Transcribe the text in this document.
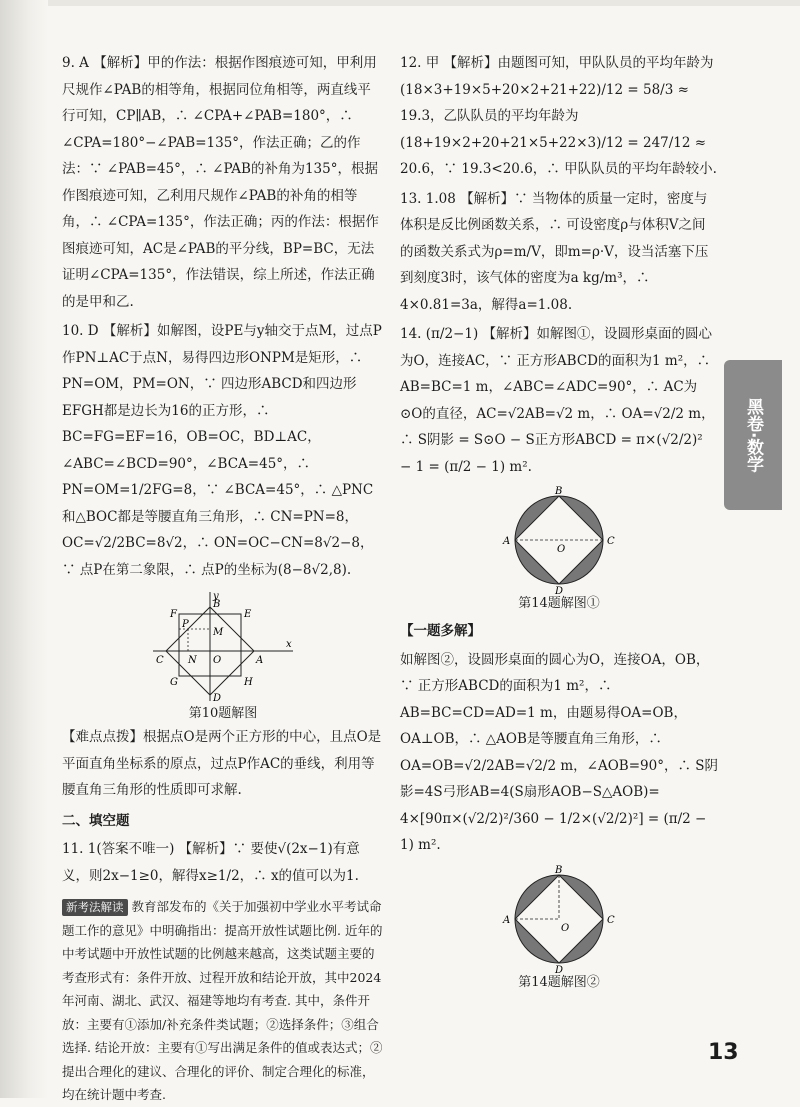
9. A 【解析】甲的作法：根据作图痕迹可知，甲利用尺规作∠PAB的相等角，根据同位角相等，两直线平行可知，CP∥AB，∴ ∠CPA+∠PAB=180°，∴ ∠CPA=180°−∠PAB=135°，作法正确；乙的作法：∵ ∠PAB=45°，∴ ∠PAB的补角为135°，根据作图痕迹可知，乙利用尺规作∠PAB的补角的相等角，∴ ∠CPA=135°，作法正确；丙的作法：根据作图痕迹可知，AC是∠PAB的平分线，BP=BC，无法证明∠CPA=135°，作法错误，综上所述，作法正确的是甲和乙.

10. D 【解析】如解图，设PE与y轴交于点M，过点P作PN⊥AC于点N，易得四边形ONPM是矩形，∴ PN=OM，PM=ON，∵ 四边形ABCD和四边形EFGH都是边长为16的正方形，∴ BC=FG=EF=16，OB=OC，BD⊥AC，∠ABC=∠BCD=90°，∠BCA=45°，∴ PN=OM=1/2FG=8，∵ ∠BCA=45°，∴ △PNC和△BOC都是等腰直角三角形，∴ CN=PN=8，OC=√2/2BC=8√2，∴ ON=OC−CN=8√2−8，∵ 点P在第二象限，∴ 点P的坐标为(8−8√2,8).

y
F
P
B
E
M
C N O	A
x
G
D
H

第10题解图

【难点点拨】根据点O是两个正方形的中心，且点O是平面直角坐标系的原点，过点P作AC的垂线，利用等腰直角三角形的性质即可求解.

二、填空题

11. 1(答案不唯一) 【解析】∵ 要使√(2x−1)有意义，则2x−1≥0，解得x≥1/2，∴ x的值可以为1.

新考法解读 教育部发布的《关于加强初中学业水平考试命题工作的意见》中明确指出：提高开放性试题比例. 近年的中考试题中开放性试题的比例越来越高，这类试题主要的考查形式有：条件开放、过程开放和结论开放，其中2024年河南、湖北、武汉、福建等地均有考查. 其中，条件开放：主要有①添加/补充条件类试题；②选择条件；③组合选择. 结论开放：主要有①写出满足条件的值或表达式；②提出合理化的建议、合理化的评价、制定合理化的标准，均在统计题中考查.

12. 甲 【解析】由题图可知，甲队队员的平均年龄为 (18×3+19×5+20×2+21+22)/12 = 58/3 ≈ 19.3，乙队队员的平均年龄为 (18+19×2+20+21×5+22×3)/12 = 247/12 ≈ 20.6，∵ 19.3<20.6，∴ 甲队队员的平均年龄较小.

13. 1.08 【解析】∵ 当物体的质量一定时，密度与体积是反比例函数关系，∴ 可设密度ρ与体积V之间的函数关系式为ρ=m/V，即m=ρ·V，设当活塞下压到刻度3时，该气体的密度为a kg/m³，∴ 4×0.81=3a，解得a=1.08.

14. (π/2−1) 【解析】如解图①，设圆形桌面的圆心为O，连接AC，∵ 正方形ABCD的面积为1 m²，∴ AB=BC=1 m，∠ABC=∠ADC=90°，∴ AC为⊙O的直径，AC=√2AB=√2 m，∴ OA=√2/2 m，∴ S阴影 = S⊙O − S正方形ABCD = π×(√2/2)² − 1 = (π/2 − 1) m².

B
A	C
O
D

第14题解图①

【一题多解】

如解图②，设圆形桌面的圆心为O，连接OA，OB，∵ 正方形ABCD的面积为1 m²，∴ AB=BC=CD=AD=1 m，由题易得OA=OB，OA⊥OB，∴ △AOB是等腰直角三角形，∴ OA=OB=√2/2AB=√2/2 m，∠AOB=90°，∴ S阴影=4S弓形AB=4(S扇形AOB−S△AOB)= 4×[90π×(√2/2)²/360 − 1/2×(√2/2)²] = (π/2 − 1) m².

B
A	C
O
D

第14题解图②

黑卷·数学
13
